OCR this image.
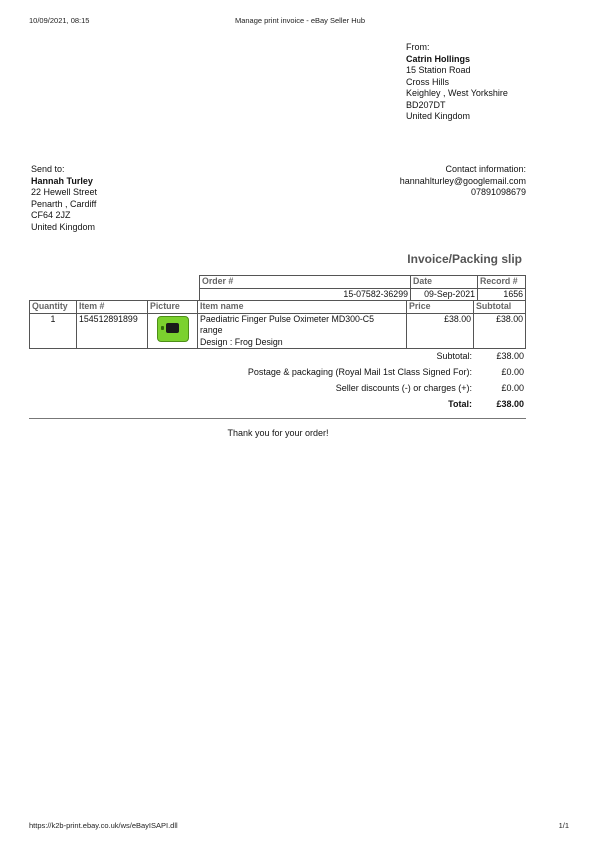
10/09/2021, 08:15	Manage print invoice - eBay Seller Hub
From:
Catrin Hollings
15 Station Road
Cross Hills
Keighley , West Yorkshire
BD207DT
United Kingdom
Send to:
Hannah Turley
22 Hewell Street
Penarth , Cardiff
CF64 2JZ
United Kingdom
Contact information:
hannahlturley@googlemail.com
07891098679
Invoice/Packing slip
Order #	Date	Record #
15-07582-36299	09-Sep-2021	1656
Quantity	Item #	Picture	Item name	Price	Subtotal
1	154512891899		Paediatric Finger Pulse Oximeter MD300-C5
range
Design : Frog Design	£38.00	£38.00
Subtotal:	£38.00
Postage & packaging (Royal Mail 1st Class Signed For):	£0.00
Seller discounts (-) or charges (+):	£0.00
Total:	£38.00
Thank you for your order!
https://k2b-print.ebay.co.uk/ws/eBayISAPI.dll	1/1
